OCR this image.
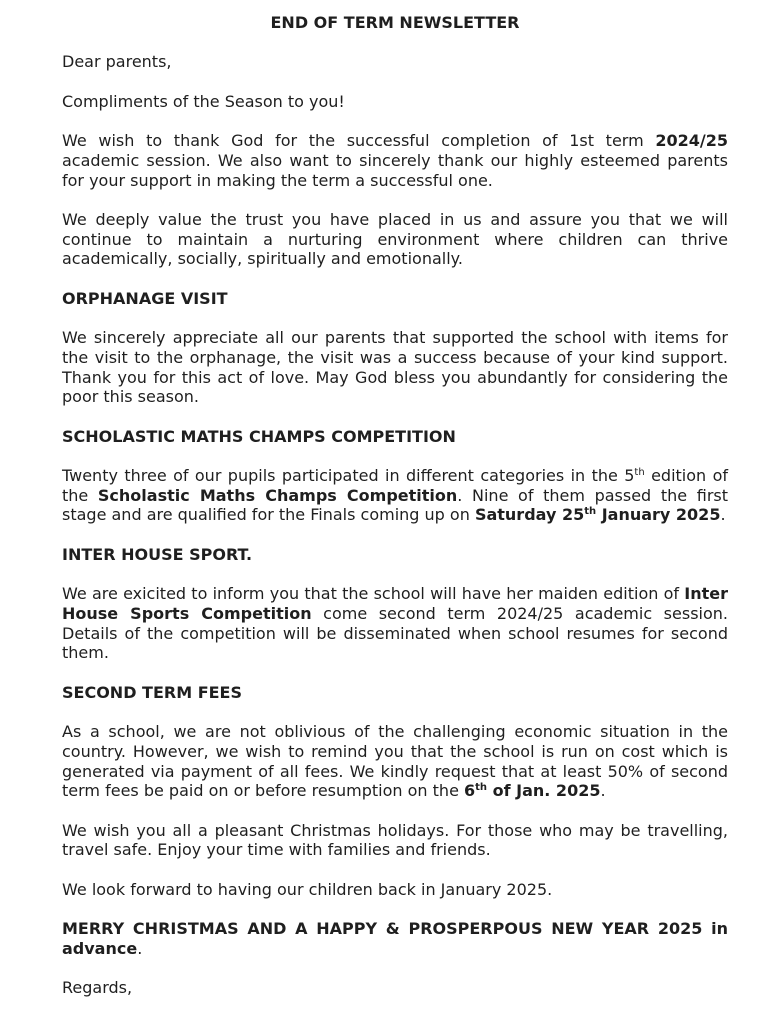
END OF TERM NEWSLETTER

Dear parents,

Compliments of the Season to you!

We wish to thank God for the successful completion of 1st term 2024/25 academic session. We also want to sincerely thank our highly esteemed parents for your support in making the term a successful one.

We deeply value the trust you have placed in us and assure you that we will continue to maintain a nurturing environment where children can thrive academically, socially, spiritually and emotionally.

ORPHANAGE VISIT

We sincerely appreciate all our parents that supported the school with items for the visit to the orphanage, the visit was a success because of your kind support. Thank you for this act of love. May God bless you abundantly for considering the poor this season.

SCHOLASTIC MATHS CHAMPS COMPETITION

Twenty three of our pupils participated in different categories in the 5th edition of the Scholastic Maths Champs Competition. Nine of them passed the first stage and are qualified for the Finals coming up on Saturday 25th January 2025.

INTER HOUSE SPORT.

We are exicited to inform you that the school will have her maiden edition of Inter House Sports Competition come second term 2024/25 academic session. Details of the competition will be disseminated when school resumes for second them.

SECOND TERM FEES

As a school, we are not oblivious of the challenging economic situation in the country. However, we wish to remind you that the school is run on cost which is generated via payment of all fees. We kindly request that at least 50% of second term fees be paid on or before resumption on the 6th of Jan. 2025.

We wish you all a pleasant Christmas holidays. For those who may be travelling, travel safe. Enjoy your time with families and friends.

We look forward to having our children back in January 2025.

MERRY CHRISTMAS AND A HAPPY & PROSPERPOUS NEW YEAR 2025 in advance.

Regards,
